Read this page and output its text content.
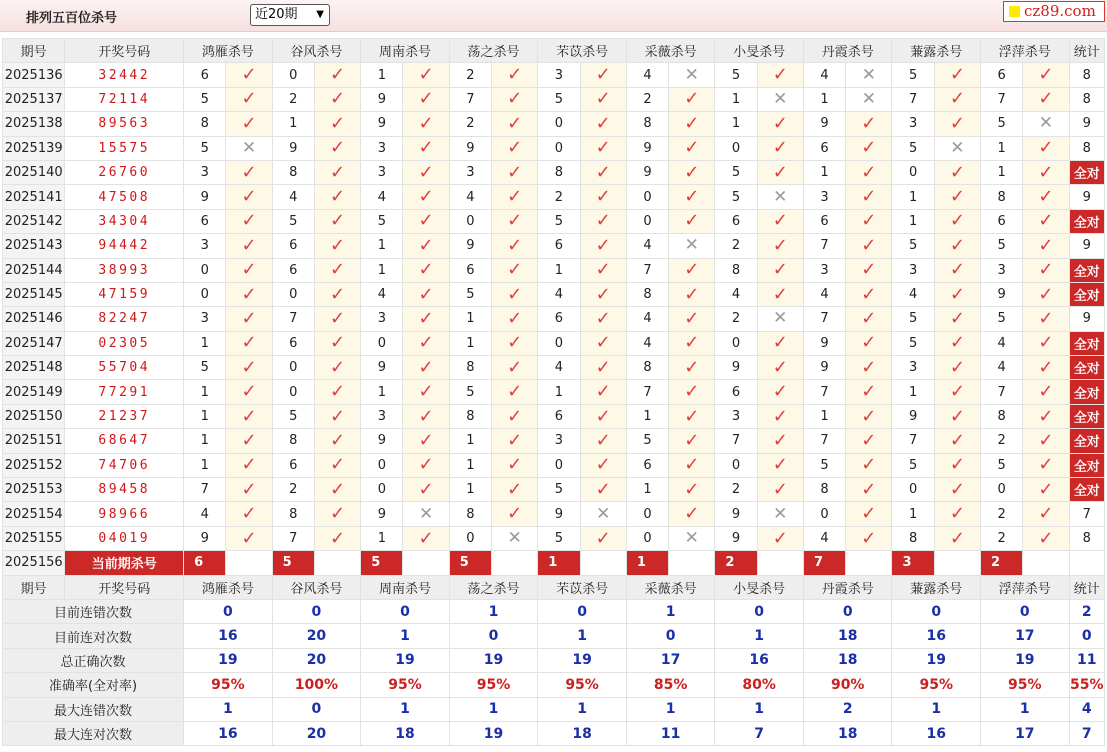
排列五百位杀号	近20期 ▼	cz89.com
期号	开奖号码	鸿雁杀号		谷风杀号		周南杀号		荡之杀号		芣苡杀号		采薇杀号		小旻杀号		丹霞杀号		蒹露杀号		浮萍杀号		统计
2025136	32442	6	✓	0	✓	1	✓	2	✓	3	✓	4	✕	5	✓	4	✕	5	✓	6	✓	8
2025137	72114	5	✓	2	✓	9	✓	7	✓	5	✓	2	✓	1	✕	1	✕	7	✓	7	✓	8
2025138	89563	8	✓	1	✓	9	✓	2	✓	0	✓	8	✓	1	✓	9	✓	3	✓	5	✕	9
2025139	15575	5	✕	9	✓	3	✓	9	✓	0	✓	9	✓	0	✓	6	✓	5	✕	1	✓	8
2025140	26760	3	✓	8	✓	3	✓	3	✓	8	✓	9	✓	5	✓	1	✓	0	✓	1	✓	全对
2025141	47508	9	✓	4	✓	4	✓	4	✓	2	✓	0	✓	5	✕	3	✓	1	✓	8	✓	9
2025142	34304	6	✓	5	✓	5	✓	0	✓	5	✓	0	✓	6	✓	6	✓	1	✓	6	✓	全对
2025143	94442	3	✓	6	✓	1	✓	9	✓	6	✓	4	✕	2	✓	7	✓	5	✓	5	✓	9
2025144	38993	0	✓	6	✓	1	✓	6	✓	1	✓	7	✓	8	✓	3	✓	3	✓	3	✓	全对
2025145	47159	0	✓	0	✓	4	✓	5	✓	4	✓	8	✓	4	✓	4	✓	4	✓	9	✓	全对
2025146	82247	3	✓	7	✓	3	✓	1	✓	6	✓	4	✓	2	✕	7	✓	5	✓	5	✓	9
2025147	02305	1	✓	6	✓	0	✓	1	✓	0	✓	4	✓	0	✓	9	✓	5	✓	4	✓	全对
2025148	55704	5	✓	0	✓	9	✓	8	✓	4	✓	8	✓	9	✓	9	✓	3	✓	4	✓	全对
2025149	77291	1	✓	0	✓	1	✓	5	✓	1	✓	7	✓	6	✓	7	✓	1	✓	7	✓	全对
2025150	21237	1	✓	5	✓	3	✓	8	✓	6	✓	1	✓	3	✓	1	✓	9	✓	8	✓	全对
2025151	68647	1	✓	8	✓	9	✓	1	✓	3	✓	5	✓	7	✓	7	✓	7	✓	2	✓	全对
2025152	74706	1	✓	6	✓	0	✓	1	✓	0	✓	6	✓	0	✓	5	✓	5	✓	5	✓	全对
2025153	89458	7	✓	2	✓	0	✓	1	✓	5	✓	1	✓	2	✓	8	✓	0	✓	0	✓	全对
2025154	98966	4	✓	8	✓	9	✕	8	✓	9	✕	0	✓	9	✕	0	✓	1	✓	2	✓	7
2025155	04019	9	✓	7	✓	1	✓	0	✕	5	✓	0	✕	9	✓	4	✓	8	✓	2	✓	8
2025156	当前期杀号	6		5		5		5		1		1		2		7		3		2		
期号	开奖号码	鸿雁杀号		谷风杀号		周南杀号		荡之杀号		芣苡杀号		采薇杀号		小旻杀号		丹霞杀号		蒹露杀号		浮萍杀号		统计
目前连错次数		0		0		0		1		0		1		0		0		0		0		2
目前连对次数		16		20		1		0		1		0		1		18		16		17		0
总正确次数		19		20		19		19		19		17		16		18		19		19		11
准确率(全对率)		95%		100%		95%		95%		95%		85%		80%		90%		95%		95%		55%
最大连错次数		1		0		1		1		1		1		1		2		1		1		4
最大连对次数		16		20		18		19		18		11		7		18		16		17		7
